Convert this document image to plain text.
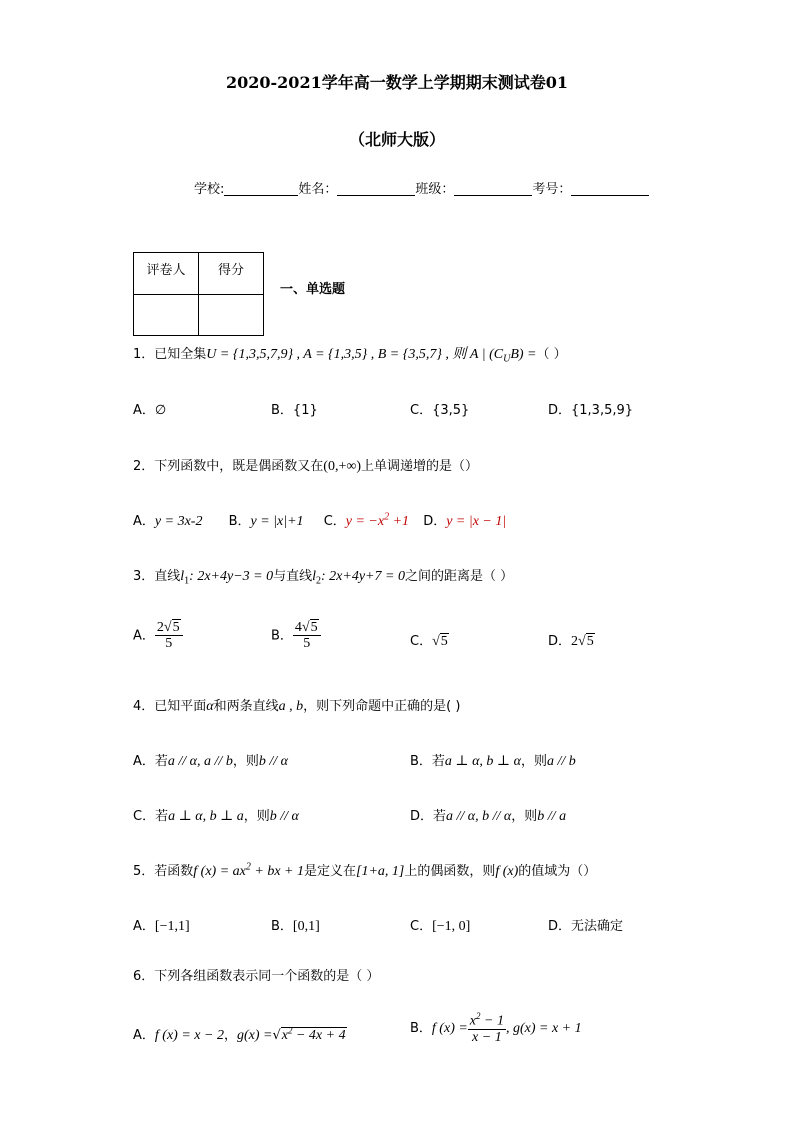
2020-2021学年高一数学上学期期末测试卷01
（北师大版）
学校:	姓名：	班级：	考号：
评卷人	得分

一、单选题
1．已知全集U = {1,3,5,7,9} , A = {1,3,5} , B = {3,5,7} , 则 A | $(C_UB)$ =（ ）
A．∅	B．{1}	C．{3,5}	D．{1,3,5,9}
2．下列函数中，既是偶函数又在(0,+∞)上单调递增的是（）
A．y = 3x-2 B．y = |x|+1 C．$y = -x^2 +1$ D．y = |x − 1|
3．直线$l_1$: 2x+4y−3 = 0与直线$l_2$: 2x+4y+7 = 0之间的距离是（ ）
A． $\frac{2√5}{5}$	B． $\frac{4√5}{5}$	C．√5	D．2√5
4．已知平面α和两条直线a , b，则下列命题中正确的是( )
A．若a // α, a // b，则b // α	B．若a ⊥ α, b ⊥ α，则a // b
C．若a ⊥ α, b ⊥ a，则b // α	D．若a // α, b // α，则b // a
5．若函数f $(x) = ax^2$ + bx + 1是定义在[1+a, 1]上的偶函数，则f (x)的值域为（）
A．[−1,1]	B．[0,1]	C．[−1, 0]	D．无法确定
6．下列各组函数表示同一个函数的是（ ）
A．f (x) = x − 2，$g(x) =√x^2 - 4x + 4$	B．f $(x) = \frac{x^2 - 1}{x - 1}$ , g(x) = x + 1
